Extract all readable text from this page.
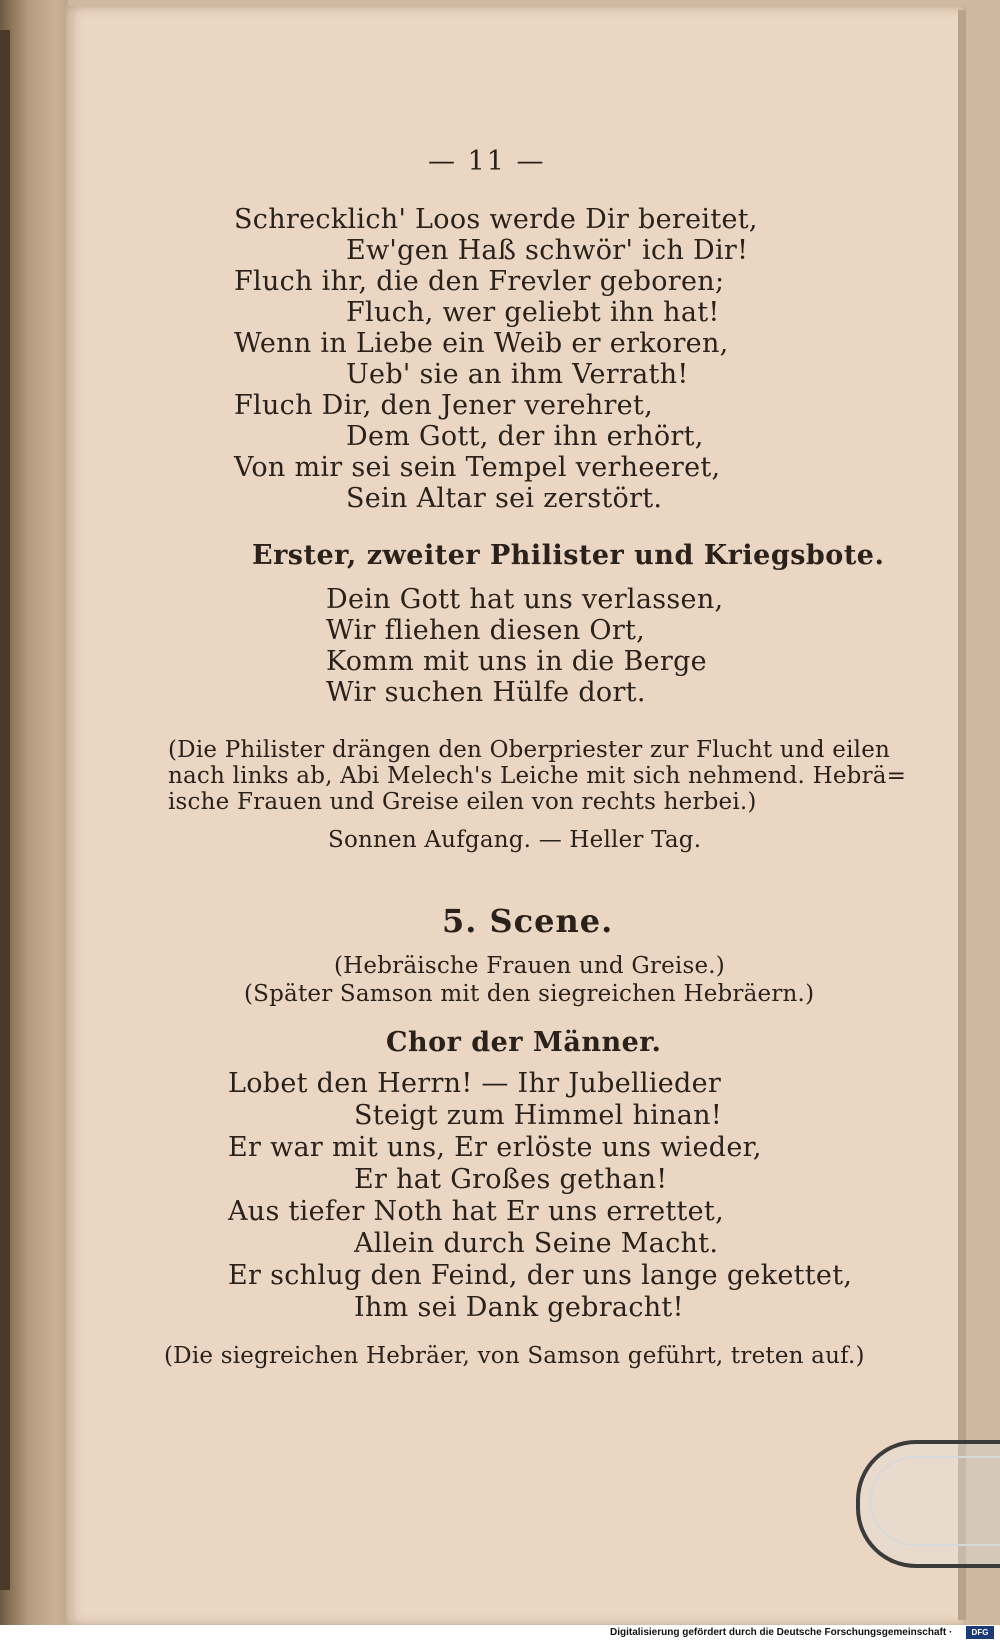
— 11 —
Schrecklich' Loos werde Dir bereitet,
Ew'gen Haß schwör' ich Dir!
Fluch ihr, die den Frevler geboren;
Fluch, wer geliebt ihn hat!
Wenn in Liebe ein Weib er erkoren,
Ueb' sie an ihm Verrath!
Fluch Dir, den Jener verehret,
Dem Gott, der ihn erhört,
Von mir sei sein Tempel verheeret,
Sein Altar sei zerstört.
Erster, zweiter Philister und Kriegsbote.
Dein Gott hat uns verlassen,
Wir fliehen diesen Ort,
Komm mit uns in die Berge
Wir suchen Hülfe dort.
(Die Philister drängen den Oberpriester zur Flucht und eilen
nach links ab, Abi Melech's Leiche mit sich nehmend. Hebrä=
ische Frauen und Greise eilen von rechts herbei.)
Sonnen Aufgang. — Heller Tag.
5. Scene.
(Hebräische Frauen und Greise.)
(Später Samson mit den siegreichen Hebräern.)
Chor der Männer.
Lobet den Herrn! — Ihr Jubellieder
Steigt zum Himmel hinan!
Er war mit uns, Er erlöste uns wieder,
Er hat Großes gethan!
Aus tiefer Noth hat Er uns errettet,
Allein durch Seine Macht.
Er schlug den Feind, der uns lange gekettet,
Ihm sei Dank gebracht!
(Die siegreichen Hebräer, von Samson geführt, treten auf.)
Digitalisierung gefördert durch die Deutsche Forschungsgemeinschaft ·	DFG
